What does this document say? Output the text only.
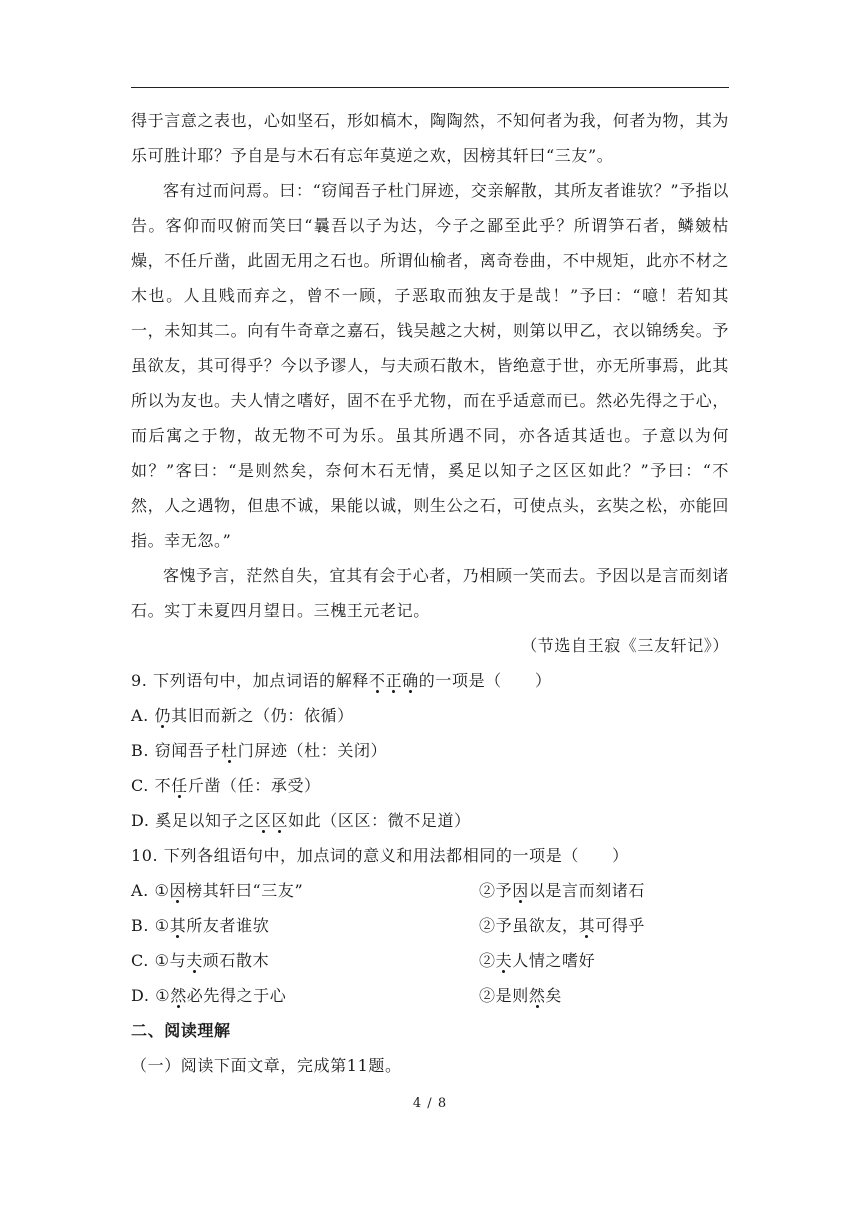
得于言意之表也，心如坚石，形如槁木，陶陶然，不知何者为我，何者为物，其为乐可胜计耶？予自是与木石有忘年莫逆之欢，因榜其轩曰“三友”。

客有过而问焉。曰：“窃闻吾子杜门屏迹，交亲解散，其所友者谁欤？”予指以告。客仰而叹俯而笑曰“曩吾以子为达，今子之鄙至此乎？所谓笋石者，鳞皴枯燥，不任斤凿，此固无用之石也。所谓仙榆者，离奇卷曲，不中规矩，此亦不材之木也。人且贱而弃之，曾不一顾，子恶取而独友于是哉！”予曰：“噫！若知其一，未知其二。向有牛奇章之嘉石，钱吴越之大树，则第以甲乙，衣以锦绣矣。予虽欲友，其可得乎？今以予谬人，与夫顽石散木，皆绝意于世，亦无所事焉，此其所以为友也。夫人情之嗜好，固不在乎尤物，而在乎适意而已。然必先得之于心，而后寓之于物，故无物不可为乐。虽其所遇不同，亦各适其适也。子意以为何如？”客曰：“是则然矣，奈何木石无情，奚足以知子之区区如此？”予曰：“不然，人之遇物，但患不诚，果能以诚，则生公之石，可使点头，玄奘之松，亦能回指。幸无忽。”

客愧予言，茫然自失，宜其有会于心者，乃相顾一笑而去。予因以是言而刻诸石。实丁未夏四月望日。三槐王元老记。

（节选自王寂《三友轩记》）

9. 下列语句中，加点词语的解释不正确的一项是（　　）

A. 仍其旧而新之（仍：依循）

B. 窃闻吾子杜门屏迹（杜：关闭）

C. 不任斤凿（任：承受）

D. 奚足以知子之区区如此（区区：微不足道）

10. 下列各组语句中，加点词的意义和用法都相同的一项是（　　）

A. ①因榜其轩曰“三友”	②予因以是言而刻诸石
B. ①其所友者谁欤	②予虽欲友，其可得乎
C. ①与夫顽石散木	②夫人情之嗜好
D. ①然必先得之于心	②是则然矣

二、阅读理解

（一）阅读下面文章，完成第11题。

4 / 8
